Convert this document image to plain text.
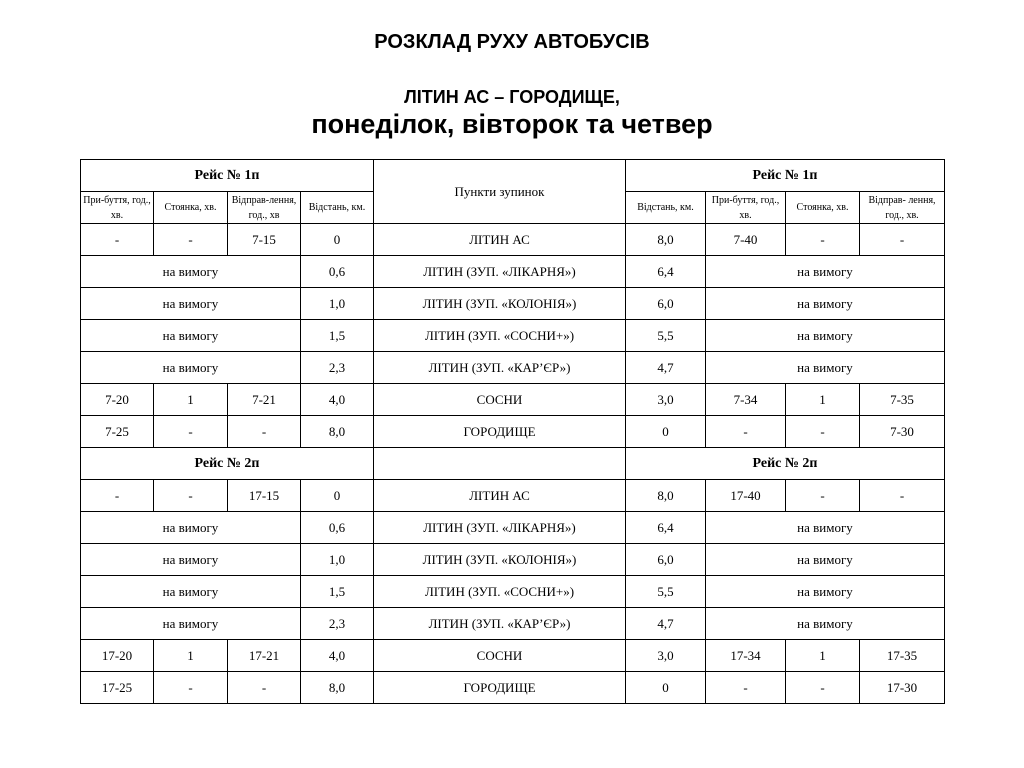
РОЗКЛАД РУХУ АВТОБУСІВ
ЛІТИН АС – ГОРОДИЩЕ,
понеділок, вівторок та четвер
Рейс № 1п				Пункти зупинок	Рейс № 1п			
При-буття, год., хв.	Стоянка, хв.	Відправ-лення, год., хв	Відстань, км.		Відстань, км.	При-буття, год., хв.	Стоянка, хв.	Відправ- лення, год., хв.
-	-	7-15	0	ЛІТИН АС	8,0	7-40	-	-
на вимогу			0,6	ЛІТИН (ЗУП. «ЛІКАРНЯ»)	6,4	на вимогу		
на вимогу			1,0	ЛІТИН (ЗУП. «КОЛОНІЯ»)	6,0	на вимогу		
на вимогу			1,5	ЛІТИН (ЗУП. «СОСНИ+»)	5,5	на вимогу		
на вимогу			2,3	ЛІТИН (ЗУП. «КАР’ЄР»)	4,7	на вимогу		
7-20	1	7-21	4,0	СОСНИ	3,0	7-34	1	7-35
7-25	-	-	8,0	ГОРОДИЩЕ	0	-	-	7-30
Рейс № 2п					Рейс № 2п			
-	-	17-15	0	ЛІТИН АС	8,0	17-40	-	-
на вимогу			0,6	ЛІТИН (ЗУП. «ЛІКАРНЯ»)	6,4	на вимогу		
на вимогу			1,0	ЛІТИН (ЗУП. «КОЛОНІЯ»)	6,0	на вимогу		
на вимогу			1,5	ЛІТИН (ЗУП. «СОСНИ+»)	5,5	на вимогу		
на вимогу			2,3	ЛІТИН (ЗУП. «КАР’ЄР»)	4,7	на вимогу		
17-20	1	17-21	4,0	СОСНИ	3,0	17-34	1	17-35
17-25	-	-	8,0	ГОРОДИЩЕ	0	-	-	17-30
